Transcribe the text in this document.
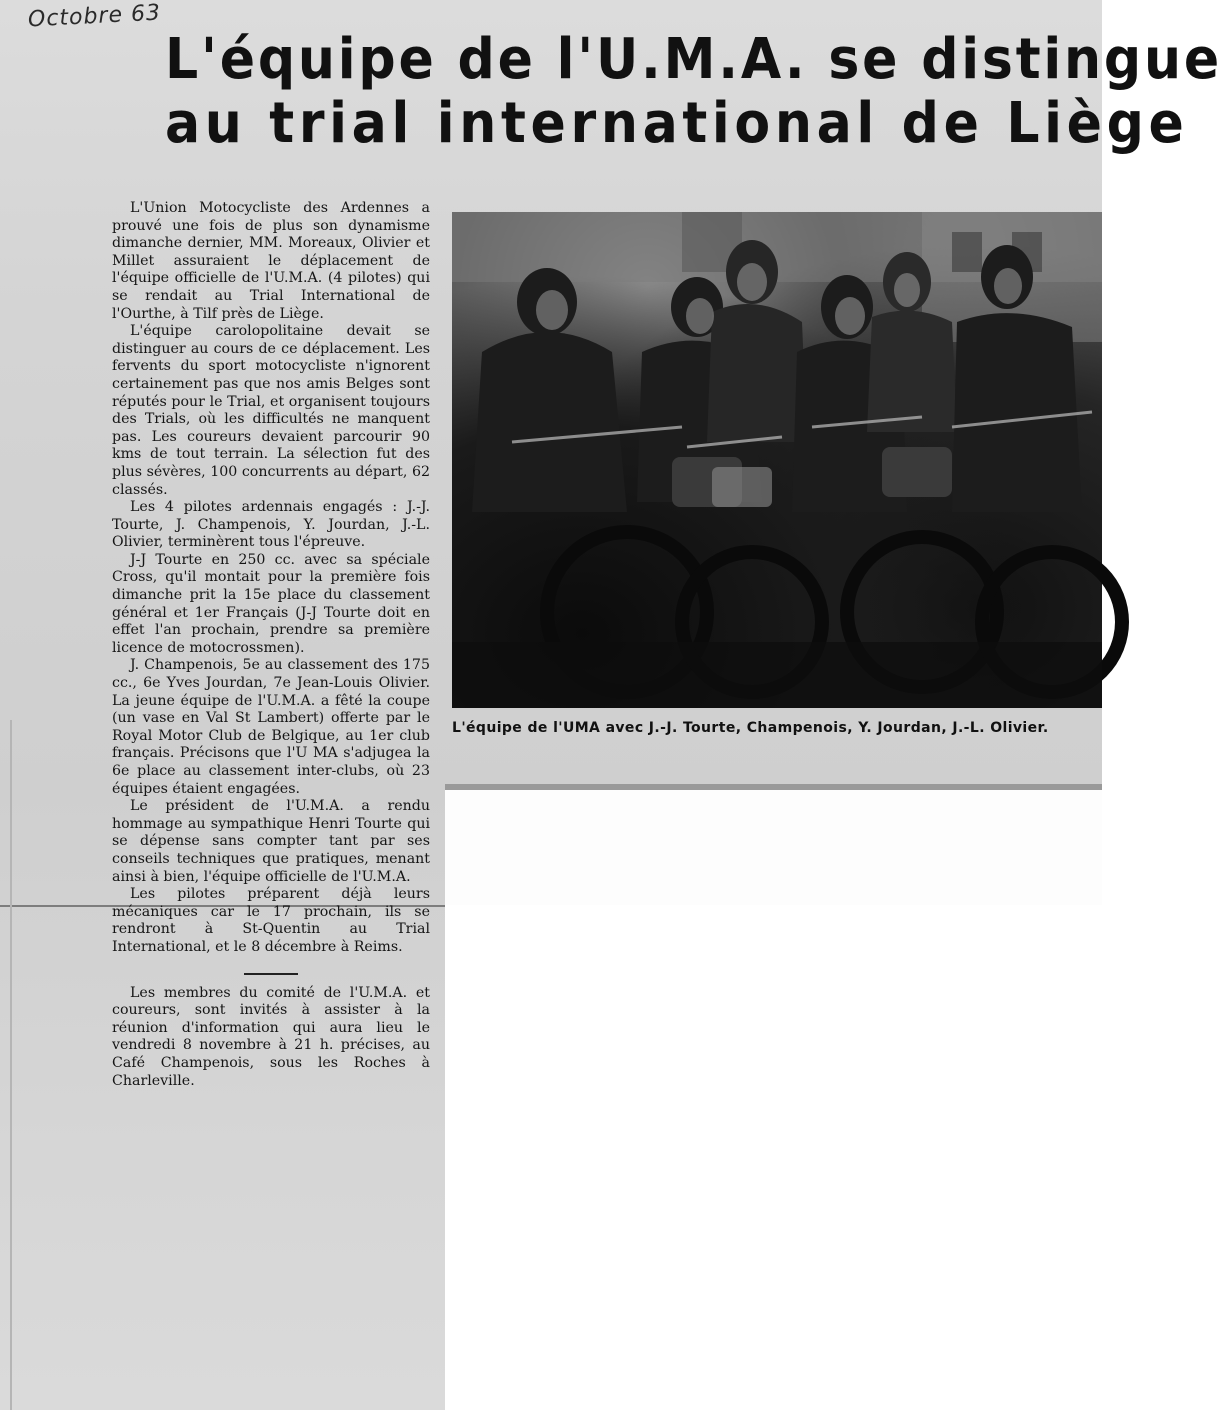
Octobre 63
L'équipe de l'U.M.A. se distingue
au trial international de Liège

L'Union Motocycliste des Ardennes a prouvé une fois de plus son dynamisme dimanche dernier, MM. Moreaux, Olivier et Millet assuraient le déplacement de l'équipe officielle de l'U.M.A. (4 pilotes) qui se rendait au Trial International de l'Ourthe, à Tilf près de Liège.

L'équipe carolopolitaine devait se distinguer au cours de ce déplacement. Les fervents du sport motocycliste n'ignorent certainement pas que nos amis Belges sont réputés pour le Trial, et organisent toujours des Trials, où les difficultés ne manquent pas. Les coureurs devaient parcourir 90 kms de tout terrain. La sélection fut des plus sévères, 100 concurrents au départ, 62 classés.

Les 4 pilotes ardennais engagés : J.-J. Tourte, J. Champenois, Y. Jourdan, J.-L. Olivier, terminèrent tous l'épreuve.

J-J Tourte en 250 cc. avec sa spéciale Cross, qu'il montait pour la première fois dimanche prit la 15e place du classement général et 1er Français (J-J Tourte doit en effet l'an prochain, prendre sa première licence de motocrossmen).

J. Champenois, 5e au classement des 175 cc., 6e Yves Jourdan, 7e Jean-Louis Olivier. La jeune équipe de l'U.M.A. a fêté la coupe (un vase en Val St Lambert) offerte par le Royal Motor Club de Belgique, au 1er club français. Précisons que l'U MA s'adjugea la 6e place au classement inter-clubs, où 23 équipes étaient engagées.

Le président de l'U.M.A. a rendu hommage au sympathique Henri Tourte qui se dépense sans compter tant par ses conseils techniques que pratiques, menant ainsi à bien, l'équipe officielle de l'U.M.A.

Les pilotes préparent déjà leurs mécaniques car le 17 prochain, ils se rendront à St-Quentin au Trial International, et le 8 décembre à Reims.

Les membres du comité de l'U.M.A. et coureurs, sont invités à assister à la réunion d'information qui aura lieu le vendredi 8 novembre à 21 h. précises, au Café Champenois, sous les Roches à Charleville.

L'équipe de l'UMA avec J.-J. Tourte, Champenois, Y. Jourdan, J.-L. Olivier.
